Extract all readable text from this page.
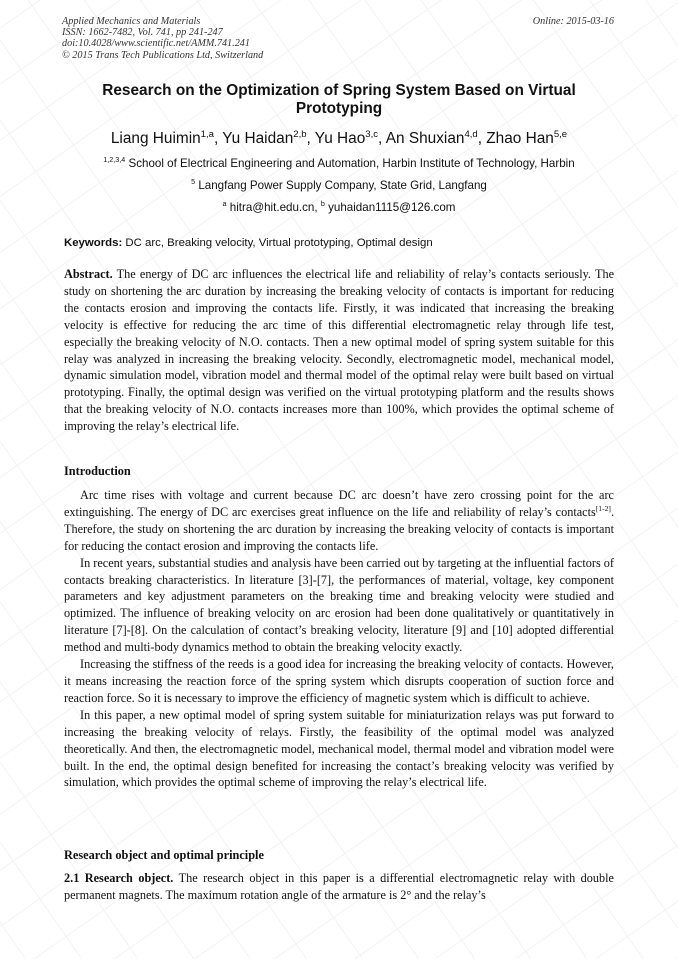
Applied Mechanics and Materials
ISSN: 1662-7482, Vol. 741, pp 241-247
doi:10.4028/www.scientific.net/AMM.741.241
© 2015 Trans Tech Publications Ltd, Switzerland
Online: 2015-03-16
Research on the Optimization of Spring System Based on Virtual Prototyping
Liang Huimin$^{1,a}$, Yu Haidan$^{2,b}$, Yu Hao$^{3,c}$, An Shuxian$^{4,d}$, Zhao Han$^{5,e}$
$^{1,2,3,4}$ School of Electrical Engineering and Automation, Harbin Institute of Technology, Harbin
$^5$ Langfang Power Supply Company, State Grid, Langfang
$^a$ hitra@hit.edu.cn, $^b$ yuhaidan1115@126.com
Keywords: DC arc, Breaking velocity, Virtual prototyping, Optimal design

Abstract. The energy of DC arc influences the electrical life and reliability of relay’s contacts seriously. The study on shortening the arc duration by increasing the breaking velocity of contacts is important for reducing the contacts erosion and improving the contacts life. Firstly, it was indicated that increasing the breaking velocity is effective for reducing the arc time of this differential electromagnetic relay through life test, especially the breaking velocity of N.O. contacts. Then a new optimal model of spring system suitable for this relay was analyzed in increasing the breaking velocity. Secondly, electromagnetic model, mechanical model, dynamic simulation model, vibration model and thermal model of the optimal relay were built based on virtual prototyping. Finally, the optimal design was verified on the virtual prototyping platform and the results shows that the breaking velocity of N.O. contacts increases more than 100%, which provides the optimal scheme of improving the relay’s electrical life.

Introduction

Arc time rises with voltage and current because DC arc doesn’t have zero crossing point for the arc extinguishing. The energy of DC arc exercises great influence on the life and reliability of relay’s contacts[1-2]. Therefore, the study on shortening the arc duration by increasing the breaking velocity of contacts is important for reducing the contact erosion and improving the contacts life.

In recent years, substantial studies and analysis have been carried out by targeting at the influential factors of contacts breaking characteristics. In literature [3]-[7], the performances of material, voltage, key component parameters and key adjustment parameters on the breaking time and breaking velocity were studied and optimized. The influence of breaking velocity on arc erosion had been done qualitatively or quantitatively in literature [7]-[8]. On the calculation of contact’s breaking velocity, literature [9] and [10] adopted differential method and multi-body dynamics method to obtain the breaking velocity exactly.

Increasing the stiffness of the reeds is a good idea for increasing the breaking velocity of contacts. However, it means increasing the reaction force of the spring system which disrupts cooperation of suction force and reaction force. So it is necessary to improve the efficiency of magnetic system which is difficult to achieve.

In this paper, a new optimal model of spring system suitable for miniaturization relays was put forward to increasing the breaking velocity of relays. Firstly, the feasibility of the optimal model was analyzed theoretically. And then, the electromagnetic model, mechanical model, thermal model and vibration model were built. In the end, the optimal design benefited for increasing the contact’s breaking velocity was verified by simulation, which provides the optimal scheme of improving the relay’s electrical life.

Research object and optimal principle

2.1 Research object. The research object in this paper is a differential electromagnetic relay with double permanent magnets. The maximum rotation angle of the armature is 2° and the relay’s
